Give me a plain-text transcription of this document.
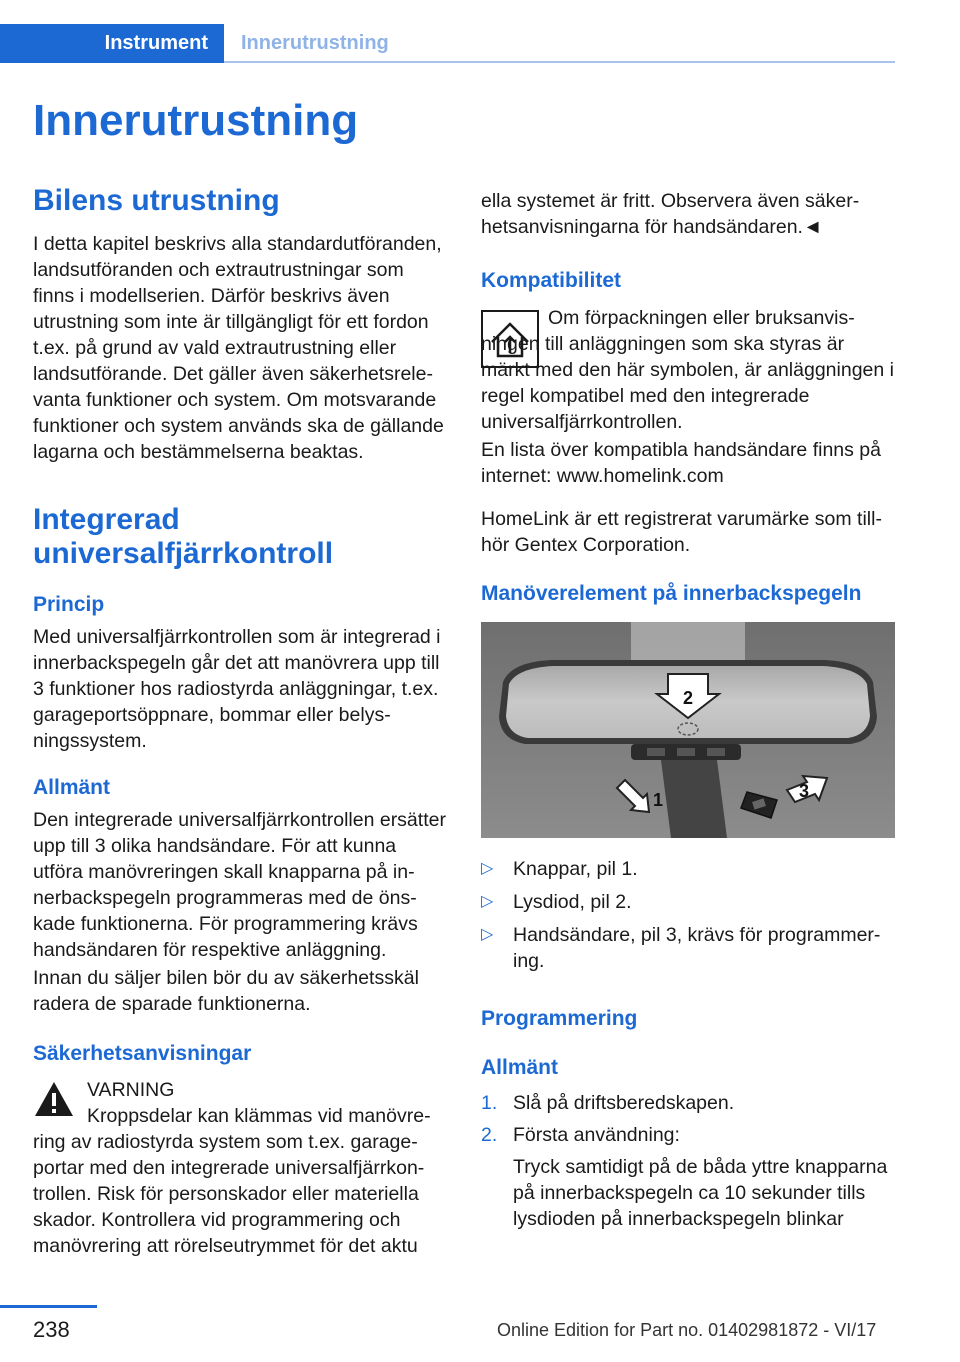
Instrument Innerutrustning
Innerutrustning
Bilens utrustning

I detta kapitel beskrivs alla standardutföranden, landsutföranden och extrautrustningar som finns i modellserien. Därför beskrivs även utrustning som inte är tillgängligt för ett fordon t.ex. på grund av vald extrautrustning eller landsutförande. Det gäller även säkerhetsrelevanta funktioner och system. Om motsvarande funktioner och system används ska de gällande lagarna och bestämmelserna beaktas.

Integrerad universalfjärrkontroll
Princip

Med universalfjärrkontrollen som är integrerad i innerbackspegeln går det att manövrera upp till 3 funktioner hos radiostyrda anläggningar, t.ex. garageportsöppnare, bommar eller belysningssystem.

Allmänt

Den integrerade universalfjärrkontrollen ersätter upp till 3 olika handsändare. För att kunna utföra manövreringen skall knapparna på innerbackspegeln programmeras med de önskade funktionerna. För programmering krävs handsändaren för respektive anläggning.

Innan du säljer bilen bör du av säkerhetsskäl radera de sparade funktionerna.

Säkerhetsanvisningar

VARNING

Kroppsdelar kan klämmas vid manövrering av radiostyrda system som t.ex. garageportar med den integrerade universalfjärrkontrollen. Risk för personskador eller materiella skador. Kontrollera vid programmering och manövrering att rörelseutrymmet för det aktu

ella systemet är fritt. Observera även säkerhetsanvisningarna för handsändaren.◄

Kompatibilitet

Om förpackningen eller bruksanvisningen till anläggningen som ska styras är märkt med den här symbolen, är anläggningen i regel kompatibel med den integrerade universalfjärrkontrollen.

En lista över kompatibla handsändare finns på internet: www.homelink.com

HomeLink är ett registrerat varumärke som tillhör Gentex Corporation.

Manöverelement på innerbackspegeln
2
1	3
▷ Knappar, pil 1.
▷ Lysdiod, pil 2.
▷ Handsändare, pil 3, krävs för programmering.
Programmering
Allmänt
1. Slå på driftsberedskapen.
2. Första användning:
Tryck samtidigt på de båda yttre knapparna på innerbackspegeln ca 10 sekunder tills lysdioden på innerbackspegeln blinkar
238	Online Edition for Part no. 01402981872 - VI/17
